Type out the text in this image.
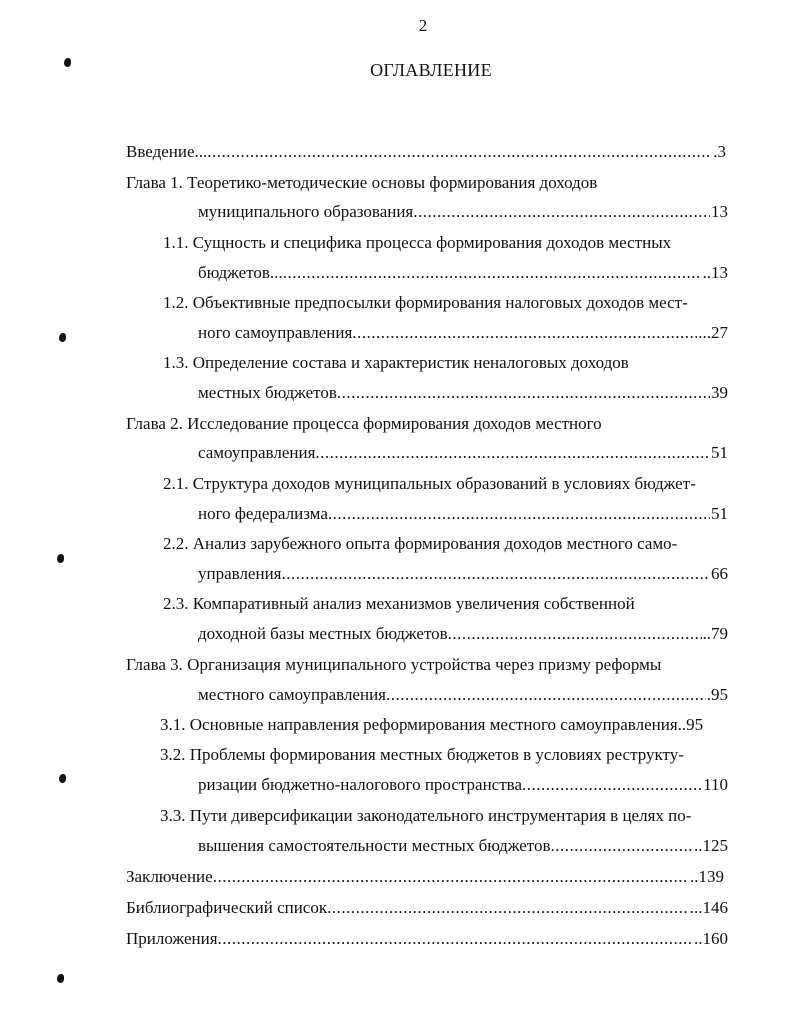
2
ОГЛАВЛЕНИЕ
Введение... .....	.3
Глава 1. Теоретико-методические основы формирования доходов
муниципального образования .....	13
1.1. Сущность и специфика процесса формирования доходов местных
бюджетов... .....	..13
1.2. Объективные предпосылки формирования налоговых доходов мест-
ного самоуправления .....	...27
1.3. Определение состава и характеристик неналоговых доходов
местных бюджетов .....	39
Глава 2. Исследование процесса формирования доходов местного
самоуправления .....	51
2.1. Структура доходов муниципальных образований в условиях бюджет-
ного федерализма .....	51
2.2. Анализ зарубежного опыта формирования доходов местного само-
управления .....	66
2.3. Компаративный анализ механизмов увеличения собственной
доходной базы местных бюджетов .....	..79
Глава 3. Организация муниципального устройства через призму реформы
местного самоуправления .....	.95
3.1. Основные направления реформирования местного самоуправления..95
3.2. Проблемы формирования местных бюджетов в условиях реструкту-
ризации бюджетно-налогового пространства .....	110
3.3. Пути диверсификации законодательного инструментария в целях по-
вышения самостоятельности местных бюджетов .....	..125
Заключение .....	..139
Библиографический список .....	...146
Приложения .....	..160
